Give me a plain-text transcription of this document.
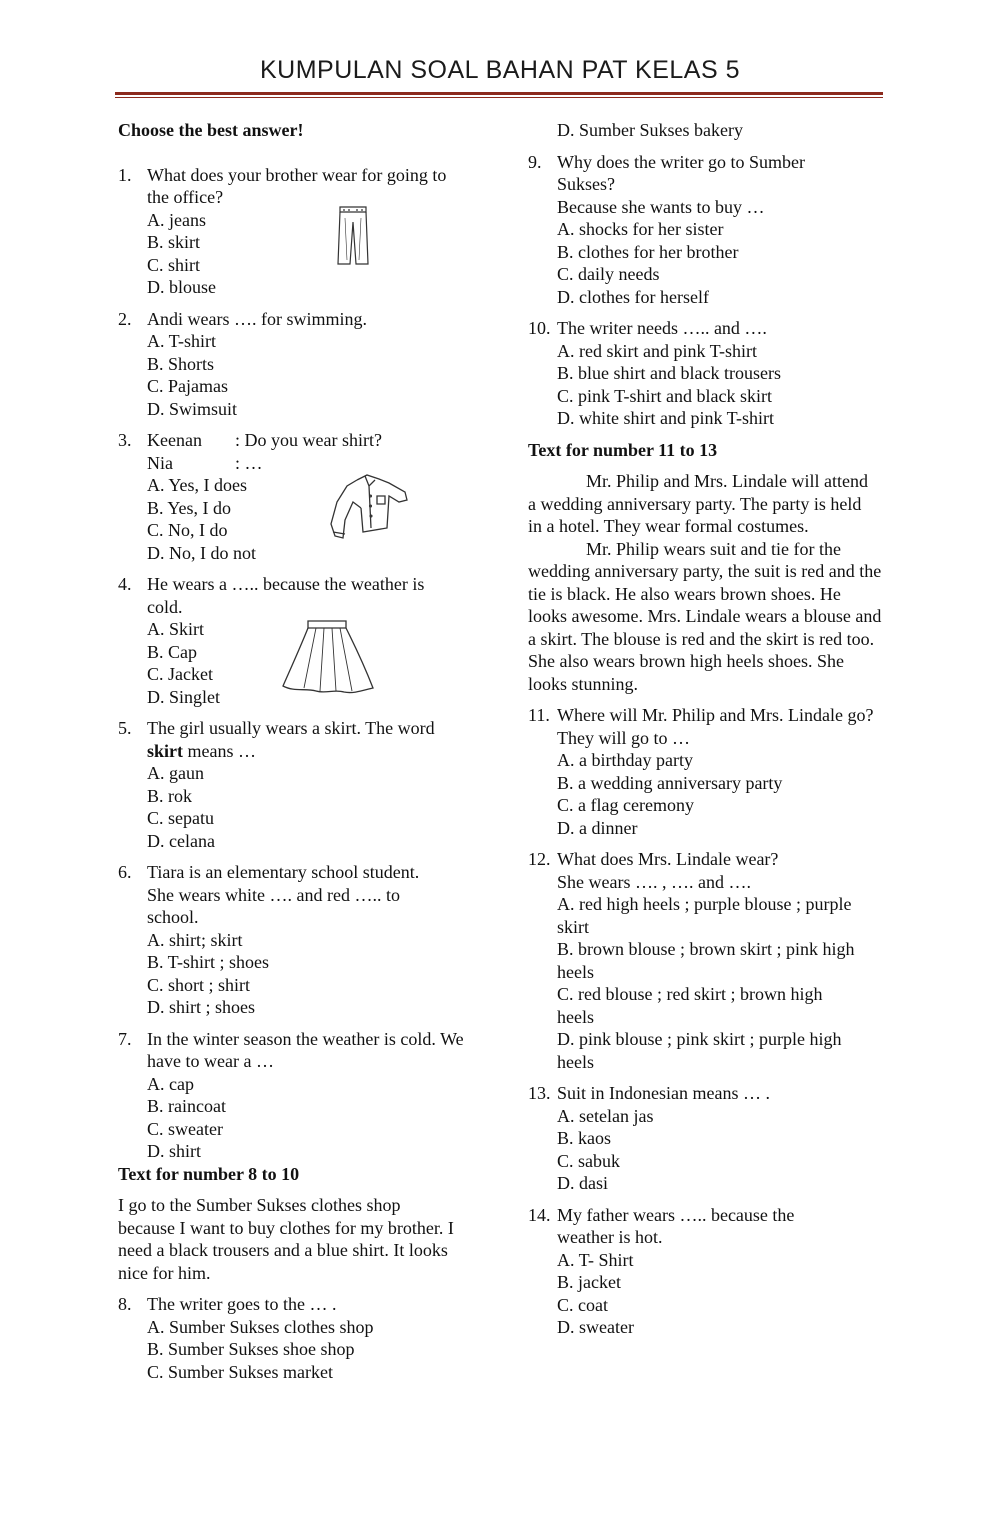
KUMPULAN SOAL BAHAN PAT KELAS 5
Choose the best answer!
1. What does your brother wear for going to the office?
A. jeans
B. skirt
C. shirt
D. blouse
2. Andi wears …. for swimming.
A. T-shirt
B. Shorts
C. Pajamas
D. Swimsuit
3. Keenan : Do you wear shirt?
Nia	: …
A. Yes, I does
B. Yes, I do
C. No, I do
D. No, I do not
4. He wears a ….. because the weather is cold.
A. Skirt
B. Cap
C. Jacket
D. Singlet
5. The girl usually wears a skirt. The word skirt means …
A. gaun
B. rok
C. sepatu
D. celana
6. Tiara is an elementary school student. She wears white …. and red ….. to school.
A. shirt; skirt
B. T-shirt ; shoes
C. short ; shirt
D. shirt ; shoes
7. In the winter season the weather is cold. We have to wear a …
A. cap
B. raincoat
C. sweater
D. shirt
Text for number 8 to 10
I go to the Sumber Sukses clothes shop because I want to buy clothes for my brother. I need a black trousers and a blue shirt. It looks nice for him.
8. The writer goes to the … .
A. Sumber Sukses clothes shop
B. Sumber Sukses shoe shop
C. Sumber Sukses market
D. Sumber Sukses bakery
9. Why does the writer go to Sumber Sukses?
Because she wants to buy …
A. shocks for her sister
B. clothes for her brother
C. daily needs
D. clothes for herself
10. The writer needs ….. and ….
A. red skirt and pink T-shirt
B. blue shirt and black trousers
C. pink T-shirt and black skirt
D. white shirt and pink T-shirt
Text for number 11 to 13
Mr. Philip and Mrs. Lindale will attend a wedding anniversary party. The party is held in a hotel. They wear formal costumes.
Mr. Philip wears suit and tie for the wedding anniversary party, the suit is red and the tie is black. He also wears brown shoes. He looks awesome. Mrs. Lindale wears a blouse and a skirt. The blouse is red and the skirt is red too. She also wears brown high heels shoes. She looks stunning.
11. Where will Mr. Philip and Mrs. Lindale go?
They will go to …
A. a birthday party
B. a wedding anniversary party
C. a flag ceremony
D. a dinner
12. What does Mrs. Lindale wear?
She wears …. , …. and ….
A. red high heels ; purple blouse ; purple skirt
B. brown blouse ; brown skirt ; pink high heels
C. red blouse ; red skirt ; brown high heels
D. pink blouse ; pink skirt ; purple high heels
13. Suit in Indonesian means … .
A. setelan jas
B. kaos
C. sabuk
D. dasi
14. My father wears ….. because the weather is hot.
A. T- Shirt
B. jacket
C. coat
D. sweater
